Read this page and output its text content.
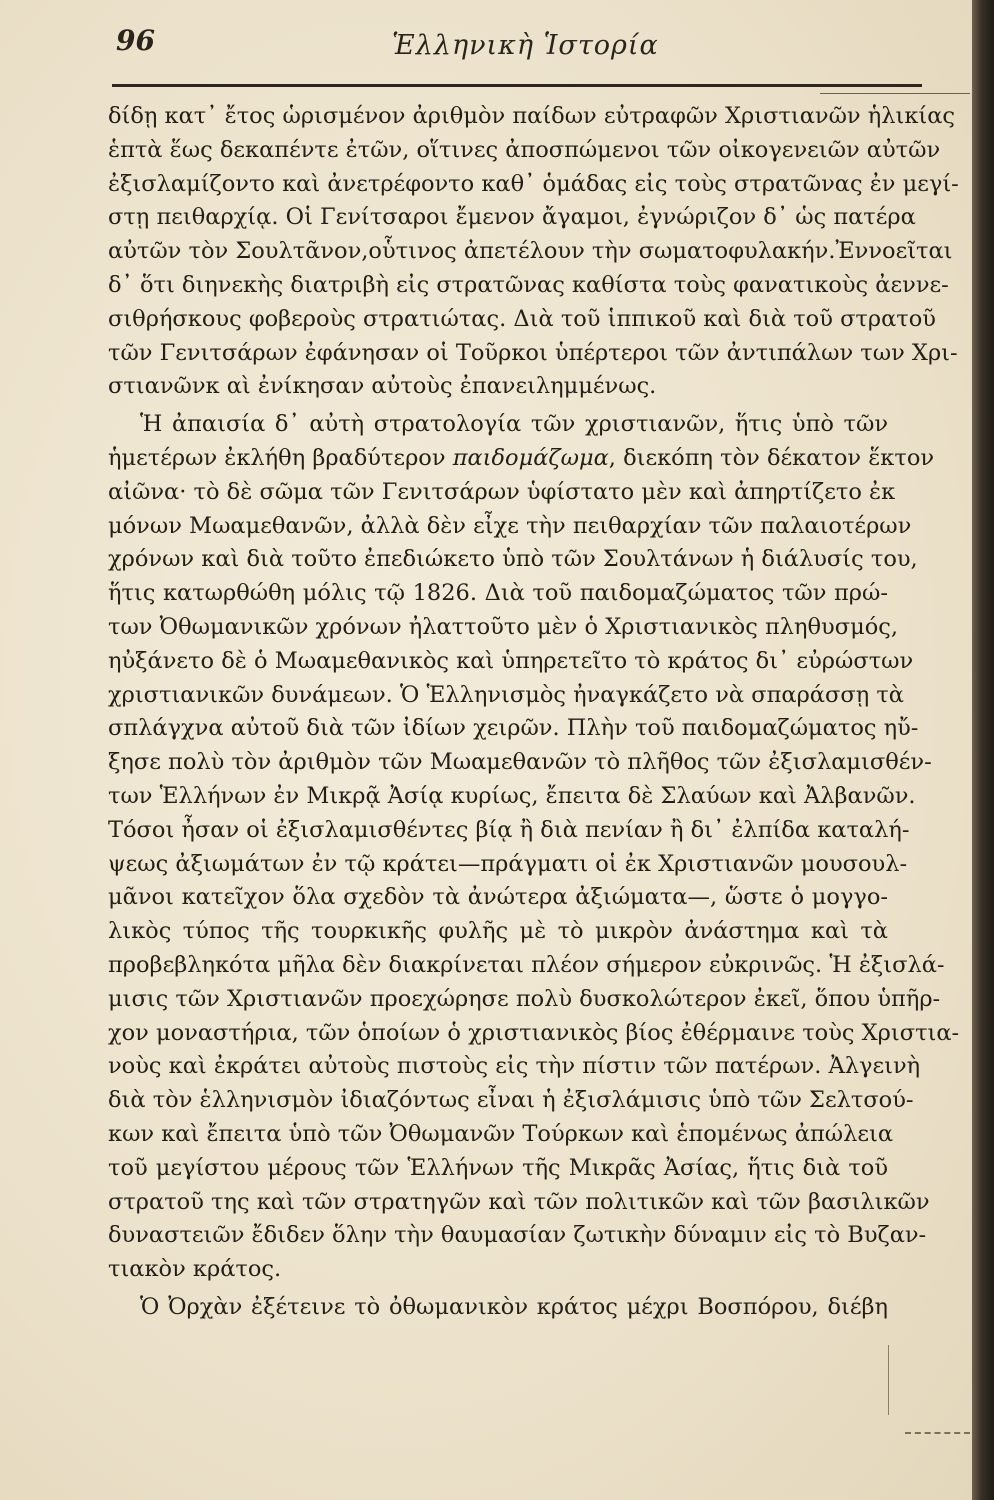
96	Ἑλληνικὴ Ἱστορία
δίδῃ κατ᾽ ἔτος ὡρισμένον ἀριθμὸν παίδων εὐτραφῶν Χριστιανῶν ἡλικίας
ἑπτὰ ἕως δεκαπέντε ἐτῶν, οἵτινες ἀποσπώμενοι τῶν οἰκογενειῶν αὐτῶν
ἐξισλαμίζοντο καὶ ἀνετρέφοντο καθ᾽ ὁμάδας εἰς τοὺς στρατῶνας ἐν μεγί-
στῃ πειθαρχίᾳ. Οἱ Γενίτσαροι ἔμενον ἄγαμοι, ἐγνώριζον δ᾽ ὡς πατέρα
αὐτῶν τὸν Σουλτᾶνον,οὗτινος ἀπετέλουν τὴν σωματοφυλακήν.Ἐννοεῖται
δ᾽ ὅτι διηνεκὴς διατριβὴ εἰς στρατῶνας καθίστα τοὺς φανατικοὺς ἀεννε-
σιθρήσκους φοβεροὺς στρατιώτας. Διὰ τοῦ ἱππικοῦ καὶ διὰ τοῦ στρατοῦ
τῶν Γενιτσάρων ἐφάνησαν οἱ Τοῦρκοι ὑπέρτεροι τῶν ἀντιπάλων των Χρι-
στιανῶνκ αὶ ἐνίκησαν αὐτοὺς ἐπανειλημμένως.
Ἡ ἀπαισία δ᾽ αὐτὴ στρατολογία τῶν χριστιανῶν, ἥτις ὑπὸ τῶν
ἡμετέρων ἐκλήθη βραδύτερον παιδομάζωμα, διεκόπη τὸν δέκατον ἕκτον
αἰῶνα· τὸ δὲ σῶμα τῶν Γενιτσάρων ὑφίστατο μὲν καὶ ἀπηρτίζετο ἐκ
μόνων Μωαμεθανῶν, ἀλλὰ δὲν εἶχε τὴν πειθαρχίαν τῶν παλαιοτέρων
χρόνων καὶ διὰ τοῦτο ἐπεδιώκετο ὑπὸ τῶν Σουλτάνων ἡ διάλυσίς του,
ἥτις κατωρθώθη μόλις τῷ 1826. Διὰ τοῦ παιδομαζώματος τῶν πρώ-
των Ὀθωμανικῶν χρόνων ἠλαττοῦτο μὲν ὁ Χριστιανικὸς πληθυσμός,
ηὐξάνετο δὲ ὁ Μωαμεθανικὸς καὶ ὑπηρετεῖτο τὸ κράτος δι᾽ εὐρώστων
χριστιανικῶν δυνάμεων. Ὁ Ἑλληνισμὸς ἠναγκάζετο νὰ σπαράσσῃ τὰ
σπλάγχνα αὐτοῦ διὰ τῶν ἰδίων χειρῶν. Πλὴν τοῦ παιδομαζώματος ηὔ-
ξησε πολὺ τὸν ἀριθμὸν τῶν Μωαμεθανῶν τὸ πλῆθος τῶν ἐξισλαμισθέν-
των Ἑλλήνων ἐν Μικρᾷ Ἀσίᾳ κυρίως, ἔπειτα δὲ Σλαύων καὶ Ἀλβανῶν.
Τόσοι ἦσαν οἱ ἐξισλαμισθέντες βίᾳ ἢ διὰ πενίαν ἢ δι᾽ ἐλπίδα καταλή-
ψεως ἀξιωμάτων ἐν τῷ κράτει—πράγματι οἱ ἐκ Χριστιανῶν μουσουλ-
μᾶνοι κατεῖχον ὅλα σχεδὸν τὰ ἀνώτερα ἀξιώματα—, ὥστε ὁ μογγο-
λικὸς τύπος τῆς τουρκικῆς φυλῆς μὲ τὸ μικρὸν ἀνάστημα καὶ τὰ
προβεβληκότα μῆλα δὲν διακρίνεται πλέον σήμερον εὐκρινῶς. Ἡ ἐξισλά-
μισις τῶν Χριστιανῶν προεχώρησε πολὺ δυσκολώτερον ἐκεῖ, ὅπου ὑπῆρ-
χον μοναστήρια, τῶν ὁποίων ὁ χριστιανικὸς βίος ἐθέρμαινε τοὺς Χριστια-
νοὺς καὶ ἐκράτει αὐτοὺς πιστοὺς εἰς τὴν πίστιν τῶν πατέρων. Ἀλγεινὴ
διὰ τὸν ἑλληνισμὸν ἰδιαζόντως εἶναι ἡ ἐξισλάμισις ὑπὸ τῶν Σελτσού-
κων καὶ ἔπειτα ὑπὸ τῶν Ὀθωμανῶν Τούρκων καὶ ἑπομένως ἀπώλεια
τοῦ μεγίστου μέρους τῶν Ἑλλήνων τῆς Μικρᾶς Ἀσίας, ἥτις διὰ τοῦ
στρατοῦ της καὶ τῶν στρατηγῶν καὶ τῶν πολιτικῶν καὶ τῶν βασιλικῶν
δυναστειῶν ἔδιδεν ὅλην τὴν θαυμασίαν ζωτικὴν δύναμιν εἰς τὸ Βυζαν-
τιακὸν κράτος.
Ὁ Ὀρχὰν ἐξέτεινε τὸ ὀθωμανικὸν κράτος μέχρι Βοσπόρου, διέβη
